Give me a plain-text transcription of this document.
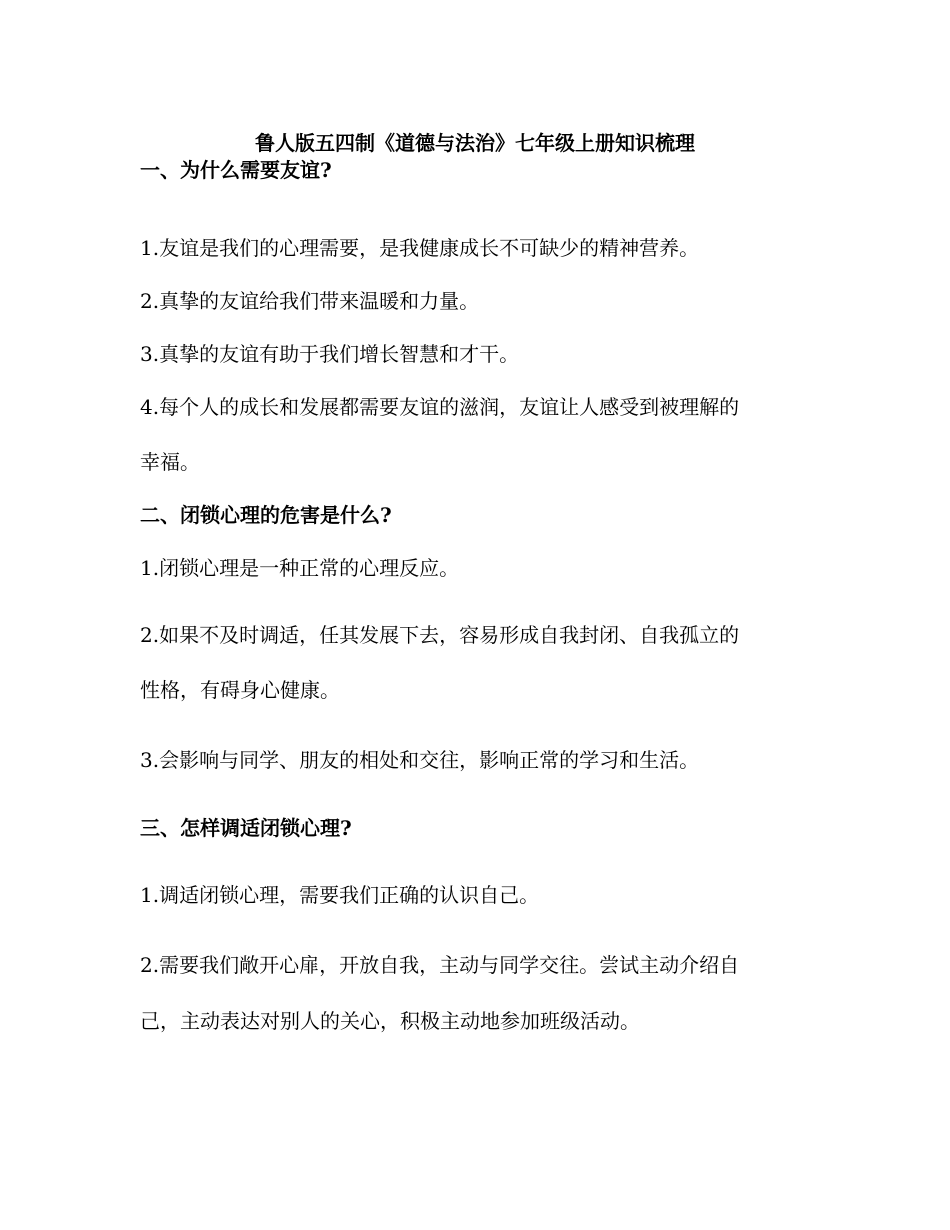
鲁人版五四制《道德与法治》七年级上册知识梳理
一、为什么需要友谊?
1.友谊是我们的心理需要，是我健康成长不可缺少的精神营养。
2.真挚的友谊给我们带来温暖和力量。
3.真挚的友谊有助于我们增长智慧和才干。
4.每个人的成长和发展都需要友谊的滋润，友谊让人感受到被理解的
幸福。
二、闭锁心理的危害是什么?
1.闭锁心理是一种正常的心理反应。
2.如果不及时调适，任其发展下去，容易形成自我封闭、自我孤立的
性格，有碍身心健康。
3.会影响与同学、朋友的相处和交往，影响正常的学习和生活。
三、怎样调适闭锁心理?
1.调适闭锁心理，需要我们正确的认识自己。
2.需要我们敞开心扉，开放自我，主动与同学交往。尝试主动介绍自
己，主动表达对别人的关心，积极主动地参加班级活动。
